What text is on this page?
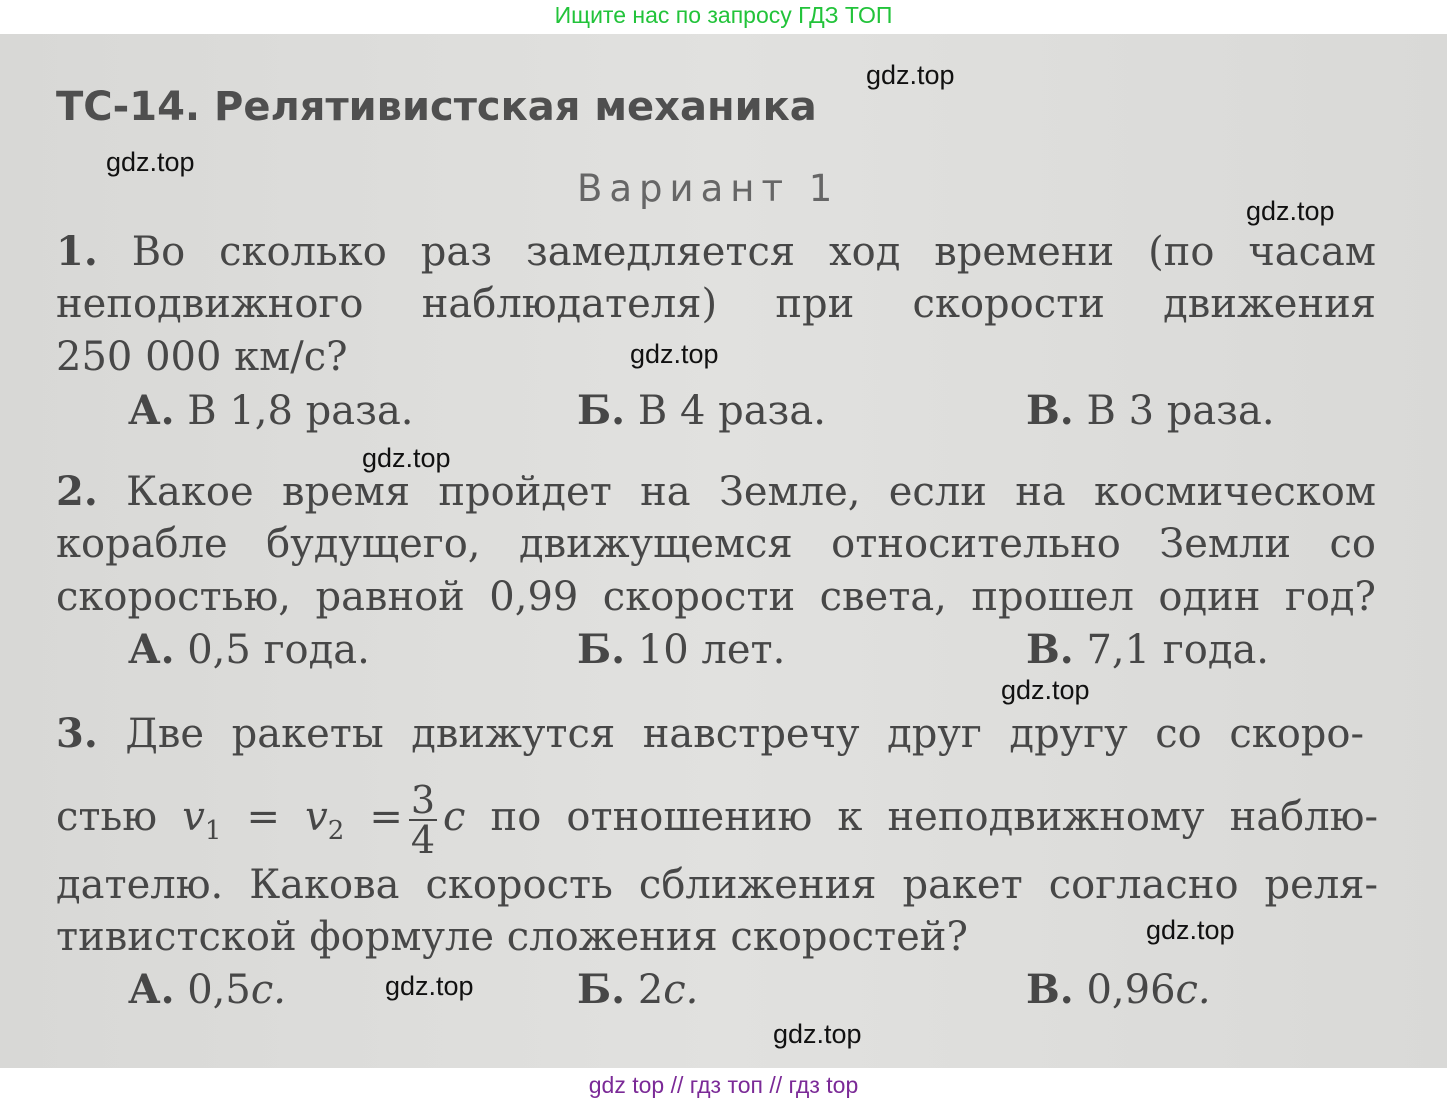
Ищите нас по запросу ГДЗ ТОП
ТС-14. Релятивистская механика
Вариант 1
1. Во сколько раз замедляется ход времени (по часам
неподвижного наблюдателя) при скорости движения
250 000 км/с?
А. В 1,8 раза.	Б. В 4 раза.	В. В 3 раза.
2. Какое время пройдет на Земле, если на космическом
корабле будущего, движущемся относительно Земли со
скоростью, равной 0,99 скорости света, прошел один год?
А. 0,5 года.	Б. 10 лет.	В. 7,1 года.
3. Две ракеты движутся навстречу друг другу со скоро-
стью $v_1 = v_2 = \frac{3}{4}$ c по отношению к неподвижному наблю-
дателю. Какова скорость сближения ракет согласно реля-
тивистской формуле сложения скоростей?
А. 0,5c.	Б. 2c.	В. 0,96c.
gdz.top
gdz.top
gdz.top
gdz.top
gdz.top
gdz.top
gdz.top
gdz.top
gdz.top
gdz top // гдз топ // гдз top
